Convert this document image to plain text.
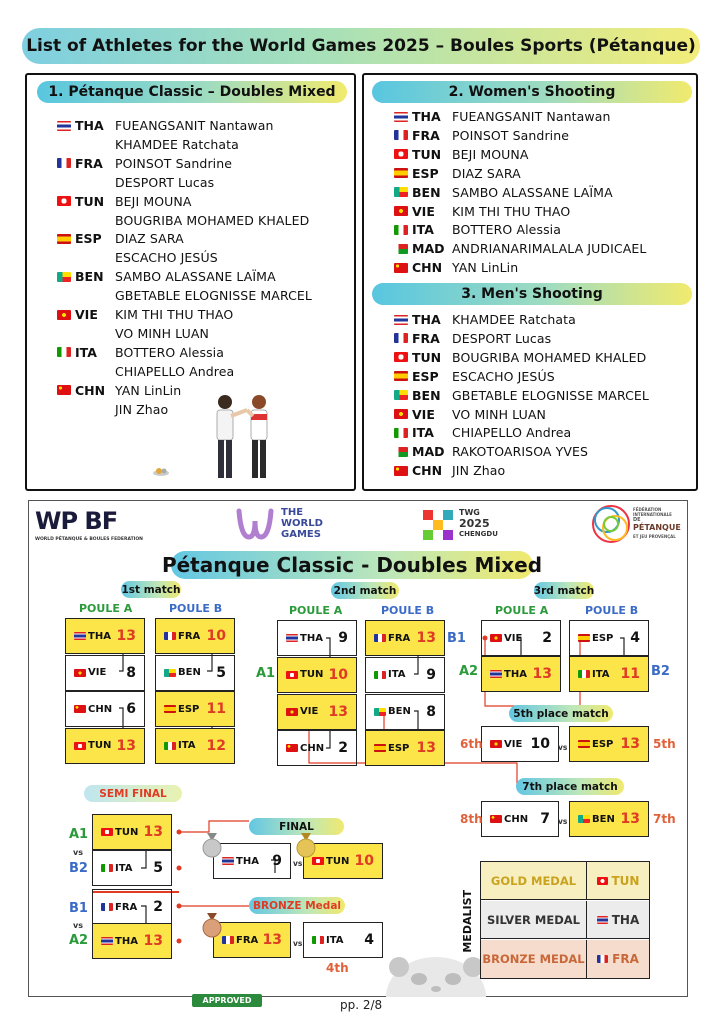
List of Athletes for the World Games 2025 – Boules Sports (Pétanque)
1. Pétanque Classic – Doubles Mixed
THA FUEANGSANIT Nantawan
KHAMDEE Ratchata
FRA POINSOT Sandrine
DESPORT Lucas
TUN BEJI MOUNA
BOUGRIBA MOHAMED KHALED
ESP	DIAZ SARA
ESCACHO JESÚS
BEN SAMBO ALASSANE LAÏMA
GBETABLE ELOGNISSE MARCEL
VIE	KIM THI THU THAO
VO MINH LUAN
ITA	BOTTERO Alessia
CHIAPELLO Andrea
CHN YAN LinLin
JIN Zhao
2. Women's Shooting
THA FUEANGSANIT Nantawan
FRA POINSOT Sandrine
TUN BEJI MOUNA
ESP	DIAZ SARA
BEN SAMBO ALASSANE LAÏMA
VIE	KIM THI THU THAO
ITA	BOTTERO Alessia
MAD ANDRIANARIMALALA JUDICAEL
CHN YAN LinLin
3. Men's Shooting
THA KHAMDEE Ratchata
FRA DESPORT Lucas
TUN BOUGRIBA MOHAMED KHALED
ESP	ESCACHO JESÚS
BEN GBETABLE ELOGNISSE MARCEL
VIE	VO MINH LUAN
ITA	CHIAPELLO Andrea
MAD RAKOTOARISOA YVES
CHN JIN Zhao
WP BF
WORLD PÉTANQUE & BOULES FEDERATION
THE
WORLD
GAMES
TWG
2025
CHENGDU
FÉDÉRATION INTERNATIONALE
DE
PÉTANQUE
ET JEU PROVENÇAL
Pétanque Classic - Doubles Mixed
1st match
POULE A	POULE B
THA 13
VIE	8
CHN	6
TUN 13
FRA 10
BEN	5
ESP 11
ITA 12
2nd match
POULE A	POULE B
THA	9
TUN 10
VIE 13
CHN	2
FRA 13
ITA	9
BEN	8
ESP 13
A1
B1
3rd match
POULE A	POULE B
VIE	2
THA 13
ESP	4
ITA 11
A2	B2
5th place match
VIE 10	ESP 13
vs
6th	5th
7th place match
CHN 7	BEN 13
vs
8th	7th
SEMI FINAL
TUN 13
ITA	5
FRA	2
THA 13
A1
vs
B2
B1
vs
A2
FINAL
THA 9	TUN 10
vs
BRONZE Medal
FRA 13	ITA	4
vs
4th
MEDALIST
GOLD MEDAL	TUN
SILVER MEDAL	THA
BRONZE MEDAL FRA
APPROVED	pp. 2/8
